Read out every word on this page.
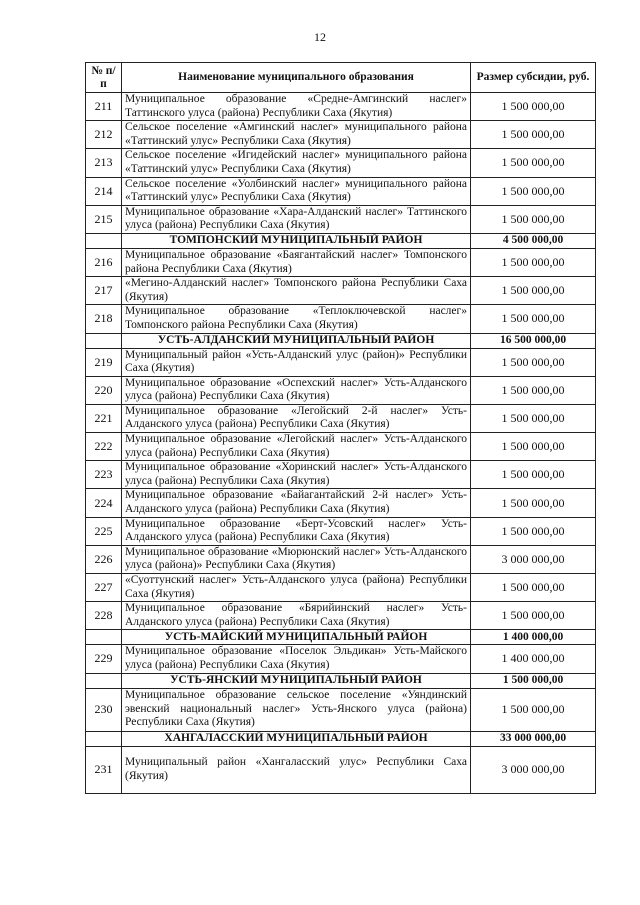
12
№ п/п	Наименование муниципального образования	Размер субсидии, руб.
211	Муниципальное образование «Средне-Амгинский наслег» Таттинского улуса (района) Республики Саха (Якутия)	1 500 000,00
212	Сельское поселение «Амгинский наслег» муниципального района «Таттинский улус» Республики Саха (Якутия)	1 500 000,00
213	Сельское поселение «Игидейский наслег» муниципального района «Таттинский улус» Республики Саха (Якутия)	1 500 000,00
214	Сельское поселение «Уолбинский наслег» муниципального района «Таттинский улус» Республики Саха (Якутия)	1 500 000,00
215	Муниципальное образование «Хара-Алданский наслег» Таттинского улуса (района) Республики Саха (Якутия)	1 500 000,00
	ТОМПОНСКИЙ МУНИЦИПАЛЬНЫЙ РАЙОН	4 500 000,00
216	Муниципальное образование «Баягантайский наслег» Томпонского района Республики Саха (Якутия)	1 500 000,00
217	«Мегино-Алданский наслег» Томпонского района Республики Саха (Якутия)	1 500 000,00
218	Муниципальное образование «Теплоключевской наслег» Томпонского района Республики Саха (Якутия)	1 500 000,00
	УСТЬ-АЛДАНСКИЙ МУНИЦИПАЛЬНЫЙ РАЙОН	16 500 000,00
219	Муниципальный район «Усть-Алданский улус (район)» Республики Саха (Якутия)	1 500 000,00
220	Муниципальное образование «Оспехский наслег» Усть-Алданского улуса (района) Республики Саха (Якутия)	1 500 000,00
221	Муниципальное образование «Легойский 2-й наслег» Усть-Алданского улуса (района) Республики Саха (Якутия)	1 500 000,00
222	Муниципальное образование «Легойский наслег» Усть-Алданского улуса (района) Республики Саха (Якутия)	1 500 000,00
223	Муниципальное образование «Хоринский наслег» Усть-Алданского улуса (района) Республики Саха (Якутия)	1 500 000,00
224	Муниципальное образование «Байагантайский 2-й наслег» Усть-Алданского улуса (района) Республики Саха (Якутия)	1 500 000,00
225	Муниципальное образование «Берт-Усовский наслег» Усть-Алданского улуса (района) Республики Саха (Якутия)	1 500 000,00
226	Муниципальное образование «Мюрюнский наслег» Усть-Алданского улуса (района)» Республики Саха (Якутия)	3 000 000,00
227	«Суоттунский наслег» Усть-Алданского улуса (района) Республики Саха (Якутия)	1 500 000,00
228	Муниципальное образование «Бярийинский наслег» Усть-Алданского улуса (района) Республики Саха (Якутия)	1 500 000,00
	УСТЬ-МАЙСКИЙ МУНИЦИПАЛЬНЫЙ РАЙОН	1 400 000,00
229	Муниципальное образование «Поселок Эльдикан» Усть-Майского улуса (района) Республики Саха (Якутия)	1 400 000,00
	УСТЬ-ЯНСКИЙ МУНИЦИПАЛЬНЫЙ РАЙОН	1 500 000,00
230	Муниципальное образование сельское поселение «Уяндинский эвенский национальный наслег» Усть-Янского улуса (района) Республики Саха (Якутия)	1 500 000,00
	ХАНГАЛАССКИЙ МУНИЦИПАЛЬНЫЙ РАЙОН	33 000 000,00
231	Муниципальный район «Хангаласский улус» Республики Саха (Якутия)	3 000 000,00
